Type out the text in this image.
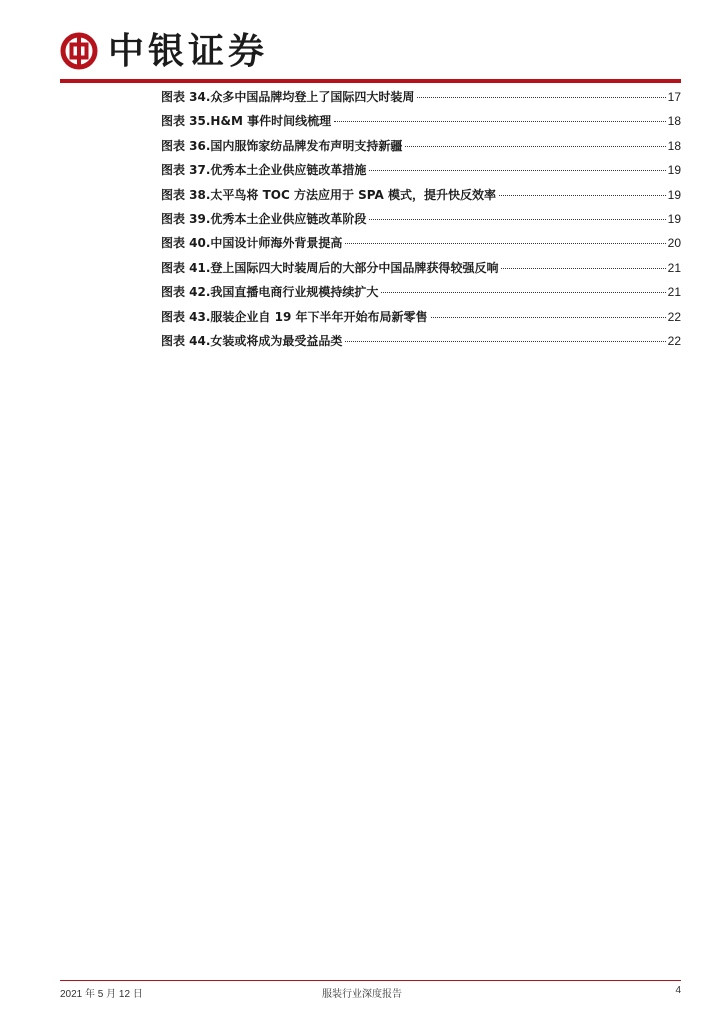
中银证券
图表 34.众多中国品牌均登上了国际四大时装周	17
图表 35.H&M 事件时间线梳理	18
图表 36.国内服饰家纺品牌发布声明支持新疆	18
图表 37.优秀本土企业供应链改革措施	19
图表 38.太平鸟将 TOC 方法应用于 SPA 模式，提升快反效率	19
图表 39.优秀本土企业供应链改革阶段	19
图表 40.中国设计师海外背景提高	20
图表 41.登上国际四大时装周后的大部分中国品牌获得较强反响	21
图表 42.我国直播电商行业规模持续扩大	21
图表 43.服装企业自 19 年下半年开始布局新零售	22
图表 44.女装或将成为最受益品类	22
2021 年 5 月 12 日	服装行业深度报告	4
